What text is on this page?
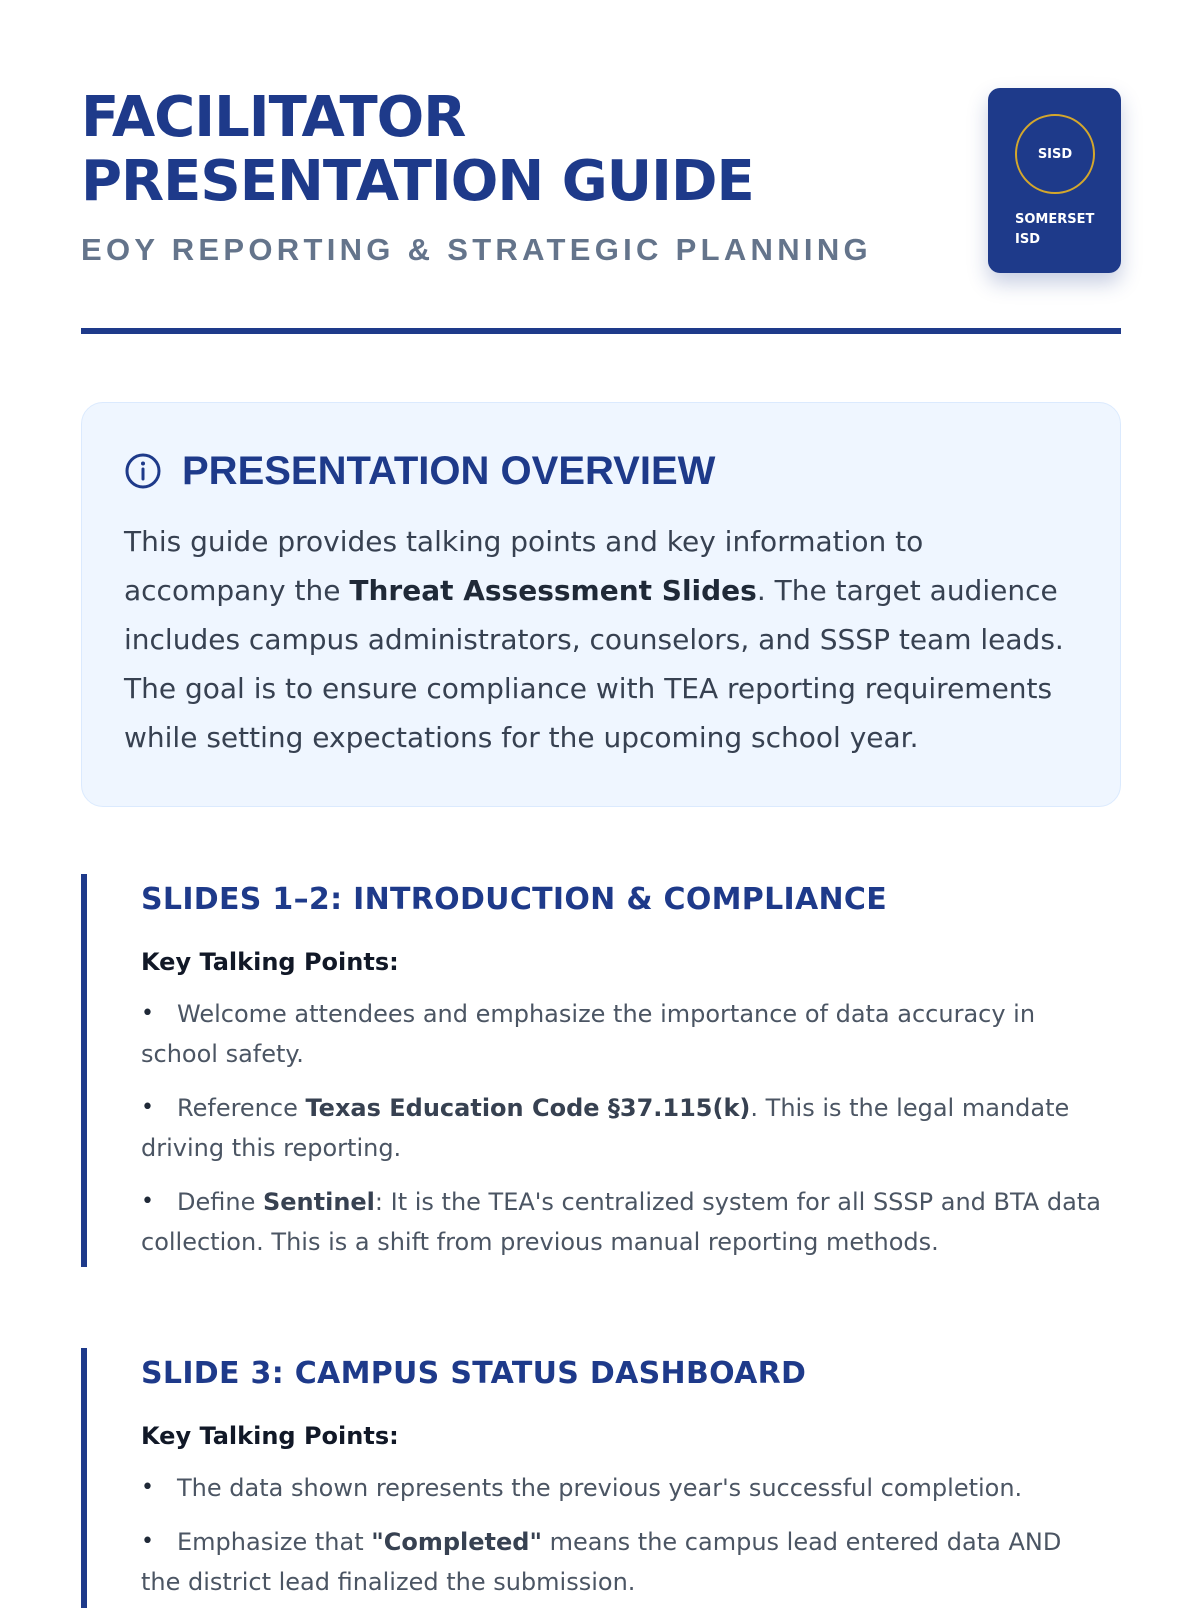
FACILITATOR
PRESENTATION GUIDE
EOY REPORTING & STRATEGIC PLANNING
SISD
SOMERSET
ISD
PRESENTATION OVERVIEW
This guide provides talking points and key information to accompany the Threat Assessment Slides. The target audience includes campus administrators, counselors, and SSSP team leads. The goal is to ensure compliance with TEA reporting requirements while setting expectations for the upcoming school year.
SLIDES 1–2: INTRODUCTION & COMPLIANCE
Key Talking Points:
• Welcome attendees and emphasize the importance of data accuracy in school safety.
• Reference Texas Education Code §37.115(k). This is the legal mandate driving this reporting.
• Define Sentinel: It is the TEA's centralized system for all SSSP and BTA data collection. This is a shift from previous manual reporting methods.
SLIDE 3: CAMPUS STATUS DASHBOARD
Key Talking Points:
• The data shown represents the previous year's successful completion.
• Emphasize that "Completed" means the campus lead entered data AND the district lead finalized the submission.
